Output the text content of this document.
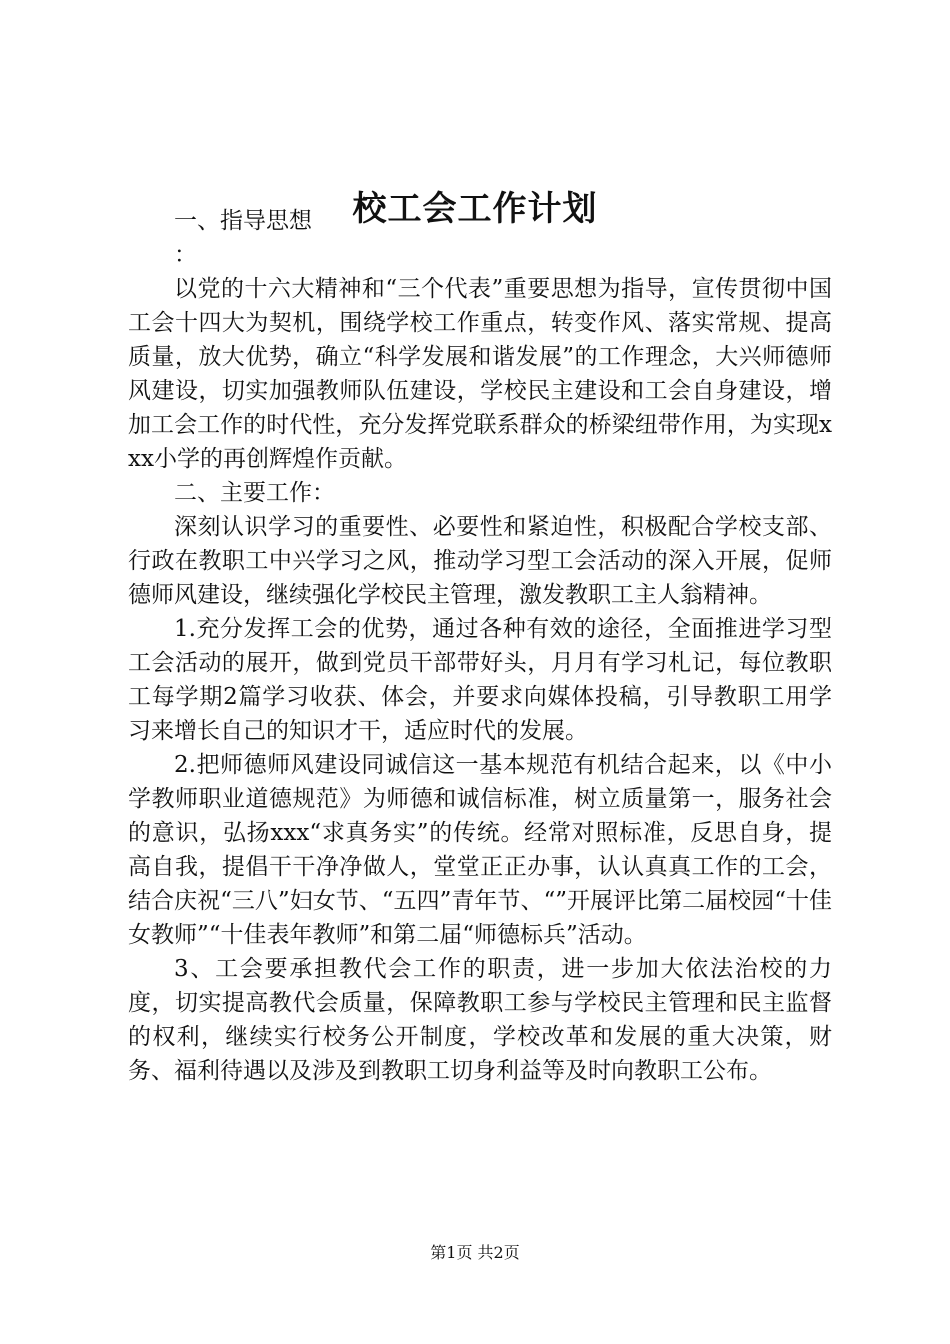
校工会工作计划

一、指导思想

：

以党的十六大精神和“三个代表”重要思想为指导，宣传贯彻中国工会十四大为契机，围绕学校工作重点，转变作风、落实常规、提高质量，放大优势，确立“科学发展和谐发展”的工作理念，大兴师德师风建设，切实加强教师队伍建设，学校民主建设和工会自身建设，增加工会工作的时代性，充分发挥党联系群众的桥梁纽带作用，为实现xxx小学的再创辉煌作贡献。

二、主要工作：

深刻认识学习的重要性、必要性和紧迫性，积极配合学校支部、行政在教职工中兴学习之风，推动学习型工会活动的深入开展，促师德师风建设，继续强化学校民主管理，激发教职工主人翁精神。

1.充分发挥工会的优势，通过各种有效的途径，全面推进学习型工会活动的展开，做到党员干部带好头，月月有学习札记，每位教职工每学期2篇学习收获、体会，并要求向媒体投稿，引导教职工用学习来增长自己的知识才干，适应时代的发展。

2.把师德师风建设同诚信这一基本规范有机结合起来，以《中小学教师职业道德规范》为师德和诚信标准，树立质量第一，服务社会的意识，弘扬xxx“求真务实”的传统。经常对照标准，反思自身，提高自我，提倡干干净净做人，堂堂正正办事，认认真真工作的工会，结合庆祝“三八”妇女节、“五四”青年节、“”开展评比第二届校园“十佳女教师”“十佳表年教师”和第二届“师德标兵”活动。

3、工会要承担教代会工作的职责，进一步加大依法治校的力度，切实提高教代会质量，保障教职工参与学校民主管理和民主监督的权利，继续实行校务公开制度，学校改革和发展的重大决策，财务、福利待遇以及涉及到教职工切身利益等及时向教职工公布。

第1页 共2页
